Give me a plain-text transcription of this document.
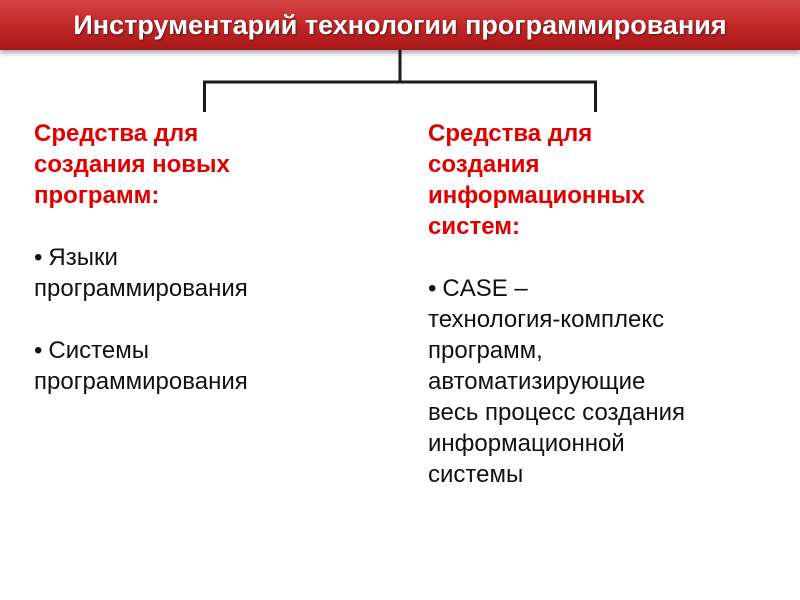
Инструментарий технологии программирования
Средства для
создания новых
программ:
• Языки
программирования
• Системы
программирования
Средства для
создания
информационных
систем:
• CASE –
технология-комплекс
программ,
автоматизирующие
весь процесс создания
информационной
системы
